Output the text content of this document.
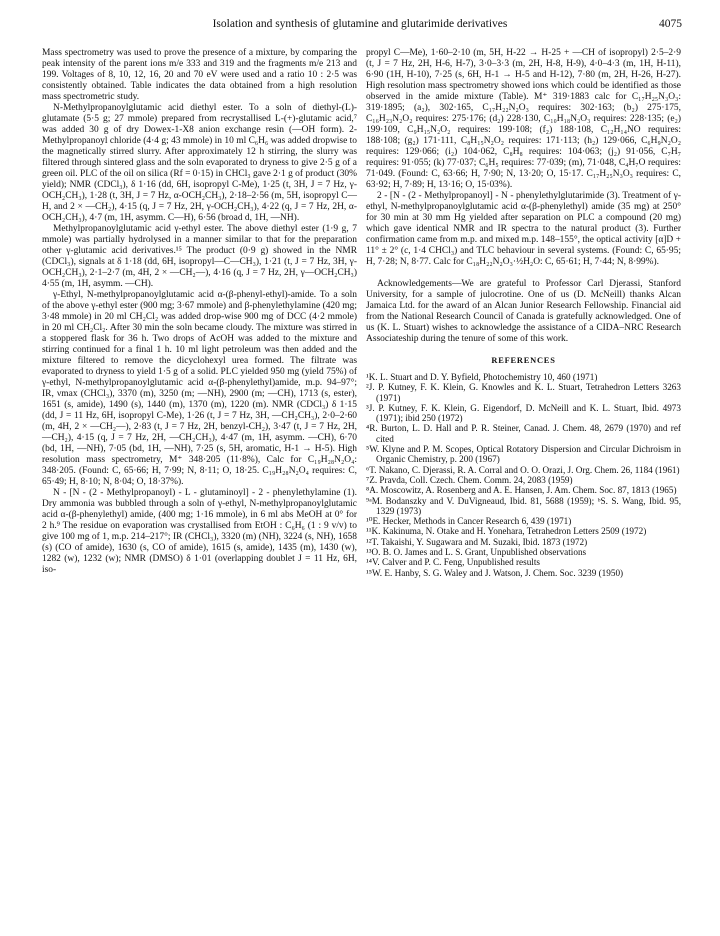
Isolation and synthesis of glutamine and glutarimide derivatives	4075

Mass spectrometry was used to prove the presence of a mixture, by comparing the peak intensity of the parent ions m/e 333 and 319 and the fragments m/e 213 and 199. Voltages of 8, 10, 12, 16, 20 and 70 eV were used and a ratio 10 : 2·5 was consistently obtained. Table indicates the data obtained from a high resolution mass spectrometric study.

N-Methylpropanoylglutamic acid diethyl ester. To a soln of diethyl-(L)-glutamate (5·5 g; 27 mmole) prepared from recrystallised L-(+)-glutamic acid,⁷ was added 30 g of dry Dowex-1-X8 anion exchange resin (—OH form). 2-Methylpropanoyl chloride (4·4 g; 43 mmole) in 10 ml C₆H₆ was added dropwise to the magnetically stirred slurry. After approximately 12 h stirring, the slurry was filtered through sintered glass and the soln evaporated to dryness to give 2·5 g of a green oil. PLC of the oil on silica (Rf = 0·15) in CHCl₃ gave 2·1 g of product (30% yield); NMR (CDCl₃), δ 1·16 (dd, 6H, isopropyl C-Me), 1·25 (t, 3H, J = 7 Hz, γ-OCH₂CH₃), 1·28 (t, 3H, J = 7 Hz, α-OCH₂CH₃), 2·18–2·56 (m, 5H, isopropyl C—H, and 2 × —CH₂), 4·15 (q, J = 7 Hz, 2H, γ-OCH₂CH₃), 4·22 (q, J = 7 Hz, 2H, α-OCH₂CH₃), 4·7 (m, 1H, asymm. C—H), 6·56 (broad d, 1H, —NH).

Methylpropanoylglutamic acid γ-ethyl ester. The above diethyl ester (1·9 g, 7 mmole) was partially hydrolysed in a manner similar to that for the preparation other γ-glutamic acid derivatives.¹⁵ The product (0·9 g) showed in the NMR (CDCl₃), signals at δ 1·18 (dd, 6H, isopropyl—C—CH₃), 1·21 (t, J = 7 Hz, 3H, γ-OCH₂CH₃), 2·1–2·7 (m, 4H, 2 × —CH₂—), 4·16 (q, J = 7 Hz, 2H, γ—OCH₂CH₃) 4·55 (m, 1H, asymm. —CH).

γ-Ethyl, N-methylpropanoylglutamic acid α-(β-phenyl-ethyl)-amide. To a soln of the above γ-ethyl ester (900 mg; 3·67 mmole) and β-phenylethylamine (420 mg; 3·48 mmole) in 20 ml CH₂Cl₂ was added drop-wise 900 mg of DCC (4·2 mmole) in 20 ml CH₂Cl₂. After 30 min the soln became cloudy. The mixture was stirred in a stoppered flask for 36 h. Two drops of AcOH was added to the mixture and stirring continued for a final 1 h. 10 ml light petroleum was then added and the mixture filtered to remove the dicyclohexyl urea formed. The filtrate was evaporated to dryness to yield 1·5 g of a solid. PLC yielded 950 mg (yield 75%) of γ-ethyl, N-methylpropanoylglutamic acid α-(β-phenylethyl)amide, m.p. 94–97°; IR, νmax (CHCl₃), 3370 (m), 3250 (m; —NH), 2900 (m; —CH), 1713 (s, ester), 1651 (s, amide), 1490 (s), 1440 (m), 1370 (m), 1220 (m). NMR (CDCl₃) δ 1·15 (dd, J = 11 Hz, 6H, isopropyl C-Me), 1·26 (t, J = 7 Hz, 3H, —CH₂CH₃), 2·0–2·60 (m, 4H, 2 × —CH₂—), 2·83 (t, J = 7 Hz, 2H, benzyl-CH₂), 3·47 (t, J = 7 Hz, 2H, —CH₂), 4·15 (q, J = 7 Hz, 2H, —CH₂CH₃), 4·47 (m, 1H, asymm. —CH), 6·70 (bd, 1H, —NH), 7·05 (bd, 1H, —NH), 7·25 (s, 5H, aromatic, H-1 → H-5). High resolution mass spectrometry, M⁺ 348·205 (11·8%), Calc for C₁₉H₂₈N₂O₄: 348·205. (Found: C, 65·66; H, 7·99; N, 8·11; O, 18·25. C₁₉H₂₈N₂O₄ requires: C, 65·49; H, 8·10; N, 8·04; O, 18·37%).

N - [N - (2 - Methylpropanoyl) - L - glutaminoyl] - 2 - phenylethylamine (1). Dry ammonia was bubbled through a soln of γ-ethyl, N-methylpropanoylglutamic acid α-(β-phenylethyl) amide, (400 mg; 1·16 mmole), in 6 ml abs MeOH at 0° for 2 h.⁹ The residue on evaporation was crystallised from EtOH : C₆H₆ (1 : 9 v/v) to give 100 mg of 1, m.p. 214–217°; IR (CHCl₃), 3320 (m) (NH), 3224 (s, NH), 1658 (s) (CO of amide), 1630 (s, CO of amide), 1615 (s, amide), 1435 (m), 1430 (w), 1282 (w), 1232 (w); NMR (DMSO) δ 1·01 (overlapping doublet J = 11 Hz, 6H, iso-

propyl C—Me), 1·60–2·10 (m, 5H, H-22 → H-25 + —CH of isopropyl) 2·5–2·9 (t, J = 7 Hz, 2H, H-6, H-7), 3·0–3·3 (m, 2H, H-8, H-9), 4·0–4·3 (m, 1H, H-11), 6·90 (1H, H-10), 7·25 (s, 6H, H-1 → H-5 and H-12), 7·80 (m, 2H, H-26, H-27). High resolution mass spectrometry showed ions which could be identified as those observed in the amide mixture (Table). M⁺ 319·1883 calc for C₁₇H₂₅N₃O₃: 319·1895; (a₂), 302·165, C₁₇H₂₂N₂O₃ requires: 302·163; (b₂) 275·175, C₁₆H₂₃N₂O₂ requires: 275·176; (d₂) 228·130, C₁₀H₁₈N₂O₃ requires: 228·135; (e₂) 199·109, C₉H₁₅N₂O₂ requires: 199·108; (f₂) 188·108, C₁₂H₁₄NO requires: 188·108; (g₂) 171·111, C₈H₁₅N₂O₂ requires: 171·113; (h₂) 129·066, C₆H₉N₂O₂ requires: 129·066; (i₂) 104·062, C₈H₈ requires: 104·063; (j₂) 91·056, C₇H₇ requires: 91·055; (k) 77·037; C₆H₅ requires: 77·039; (m), 71·048, C₄H₇O requires: 71·049. (Found: C, 63·66; H, 7·90; N, 13·20; O, 15·17. C₁₇H₂₅N₃O₃ requires: C, 63·92; H, 7·89; H, 13·16; O, 15·03%).

2 - [N - (2 - Methylpropanoyl] - N - phenylethylglutarimide (3). Treatment of γ-ethyl, N-methylpropanoylglutamic acid α-(β-phenylethyl) amide (35 mg) at 250° for 30 min at 30 mm Hg yielded after separation on PLC a compound (20 mg) which gave identical NMR and IR spectra to the natural product (3). Further confirmation came from m.p. and mixed m.p. 148–155°, the optical activity [α]D + 11° ± 2° (c, 1·4 CHCl₃) and TLC behaviour in several systems. (Found: C, 65·95; H, 7·28; N, 8·77. Calc for C₁₈H₂₂N₂O₃·½H₂O: C, 65·61; H, 7·44; N, 8·99%).

Acknowledgements—We are grateful to Professor Carl Djerassi, Stanford University, for a sample of julocrotine. One of us (D. McNeill) thanks Alcan Jamaica Ltd. for the award of an Alcan Junior Research Fellowship. Financial aid from the National Research Council of Canada is gratefully acknowledged. One of us (K. L. Stuart) wishes to acknowledge the assistance of a CIDA–NRC Research Associateship during the tenure of some of this work.

REFERENCES

¹K. L. Stuart and D. Y. Byfield, Photochemistry 10, 460 (1971)

²J. P. Kutney, F. K. Klein, G. Knowles and K. L. Stuart, Tetrahedron Letters 3263 (1971)

³J. P. Kutney, F. K. Klein, G. Eigendorf, D. McNeill and K. L. Stuart, Ibid. 4973 (1971); ibid 250 (1972)

⁴R. Burton, L. D. Hall and P. R. Steiner, Canad. J. Chem. 48, 2679 (1970) and ref cited

⁵W. Klyne and P. M. Scopes, Optical Rotatory Dispersion and Circular Dichroism in Organic Chemistry, p. 200 (1967)

⁶T. Nakano, C. Djerassi, R. A. Corral and O. O. Orazi, J. Org. Chem. 26, 1184 (1961)

⁷Z. Pravda, Coll. Czech. Chem. Comm. 24, 2083 (1959)

⁸A. Moscowitz, A. Rosenberg and A. E. Hansen, J. Am. Chem. Soc. 87, 1813 (1965)

⁹ᵃM. Bodanszky and V. DuVigneaud, Ibid. 81, 5688 (1959); ᵇS. S. Wang, Ibid. 95, 1329 (1973)

¹⁰E. Hecker, Methods in Cancer Research 6, 439 (1971)

¹¹K. Kakinuma, N. Otake and H. Yonehara, Tetrahedron Letters 2509 (1972)

¹²T. Takaishi, Y. Sugawara and M. Suzaki, Ibid. 1873 (1972)

¹³O. B. O. James and L. S. Grant, Unpublished observations

¹⁴V. Calver and P. C. Feng, Unpublished results

¹⁵W. E. Hanby, S. G. Waley and J. Watson, J. Chem. Soc. 3239 (1950)
